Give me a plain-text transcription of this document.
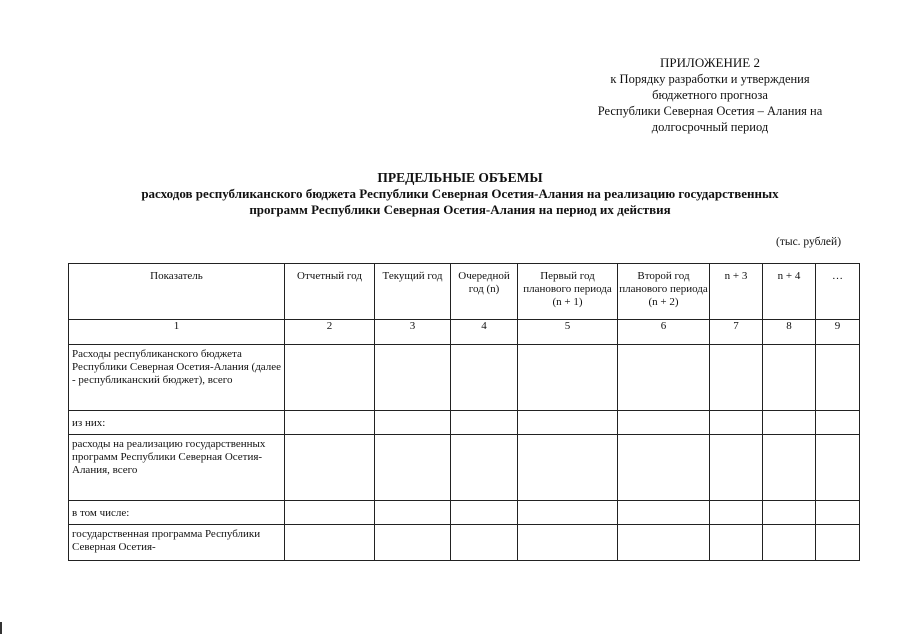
ПРИЛОЖЕНИЕ 2
к Порядку разработки и утверждения
бюджетного прогноза
Республики Северная Осетия – Алания на
долгосрочный период
ПРЕДЕЛЬНЫЕ ОБЪЕМЫ
расходов республиканского бюджета Республики Северная Осетия-Алания на реализацию государственных
программ Республики Северная Осетия-Алания на период их действия
(тыс. рублей)
Показатель	Отчетный год	Текущий год	Очередной год (n)	Первый год планового периода (n + 1)	Второй год планового периода (n + 2)	n + 3	n + 4	…
1	2	3	4	5	6	7	8	9
Расходы республиканского бюджета Республики Северная Осетия-Алания (далее - республиканский бюджет), всего								
из них:								
расходы на реализацию государственных программ Республики Северная Осетия-Алания, всего								
в том числе:								
государственная программа Республики Северная Осетия-								
